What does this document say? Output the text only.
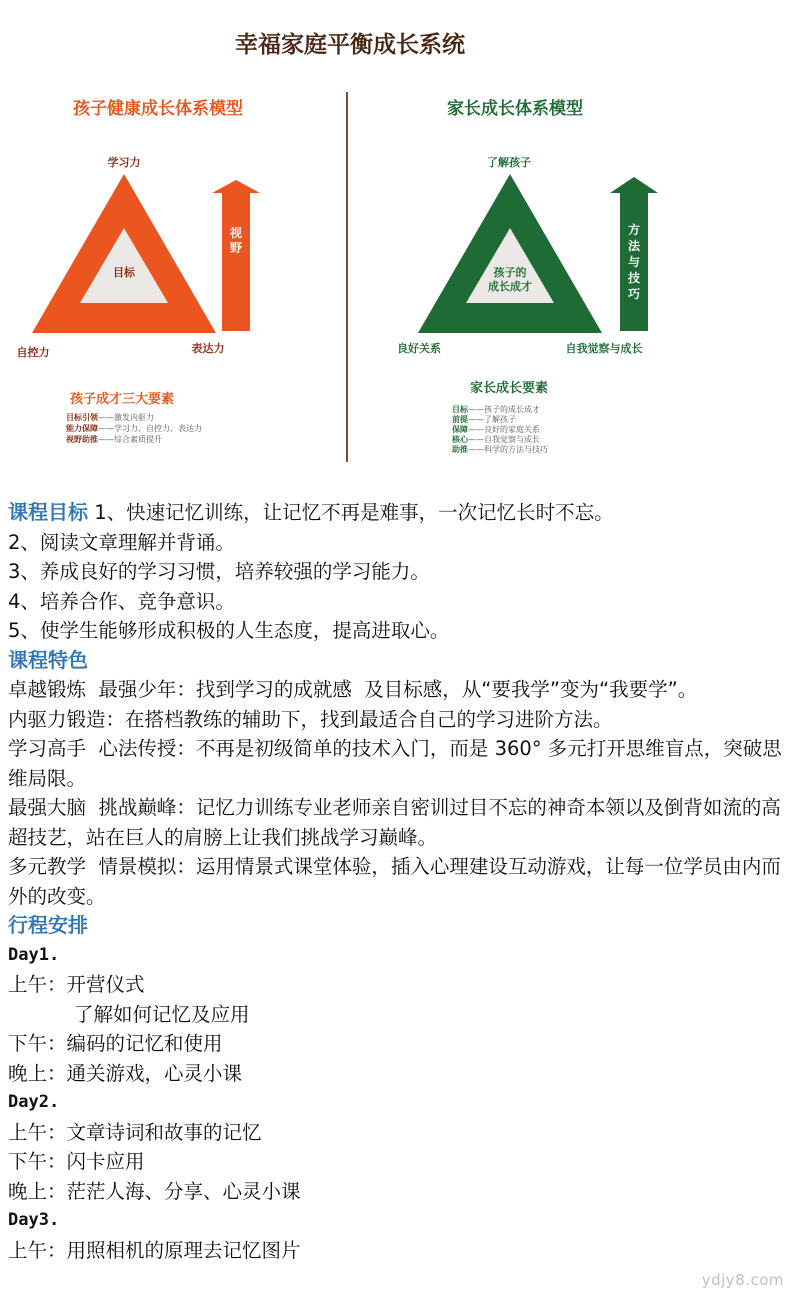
幸福家庭平衡成长系统
孩子健康成长体系模型
学习力
目标
自控力	表达力
视
野
孩子成才三大要素
目标引领——激发内驱力
能力保障——学习力、自控力、表达力
视野助推——综合素质提升
家长成长体系模型
了解孩子
孩子的
成长成才
良好关系	自我觉察与成长
方
法
与
技
巧
家长成长要素
目标——孩子的成长成才
前提——了解孩子
保障——良好的家庭关系
核心——自我觉察与成长
助推——科学的方法与技巧

课程目标 1、快速记忆训练，让记忆不再是难事，一次记忆长时不忘。

2、阅读文章理解并背诵。

3、养成良好的学习习惯，培养较强的学习能力。

4、培养合作、竞争意识。

5、使学生能够形成积极的人生态度，提高进取心。

课程特色

卓越锻炼  最强少年：找到学习的成就感  及目标感，从“要我学”变为“我要学”。

内驱力锻造：在搭档教练的辅助下，找到最适合自己的学习进阶方法。

学习高手  心法传授：不再是初级简单的技术入门，而是 360° 多元打开思维盲点，突破思维局限。

最强大脑  挑战巅峰：记忆力训练专业老师亲自密训过目不忘的神奇本领以及倒背如流的高超技艺，站在巨人的肩膀上让我们挑战学习巅峰。

多元教学  情景模拟：运用情景式课堂体验，插入心理建设互动游戏，让每一位学员由内而外的改变。

行程安排

Day1.

上午：开营仪式

了解如何记忆及应用

下午：编码的记忆和使用

晚上：通关游戏，心灵小课

Day2.

上午：文章诗词和故事的记忆

下午：闪卡应用

晚上：茫茫人海、分享、心灵小课

Day3.

上午：用照相机的原理去记忆图片

ydjy8.com
